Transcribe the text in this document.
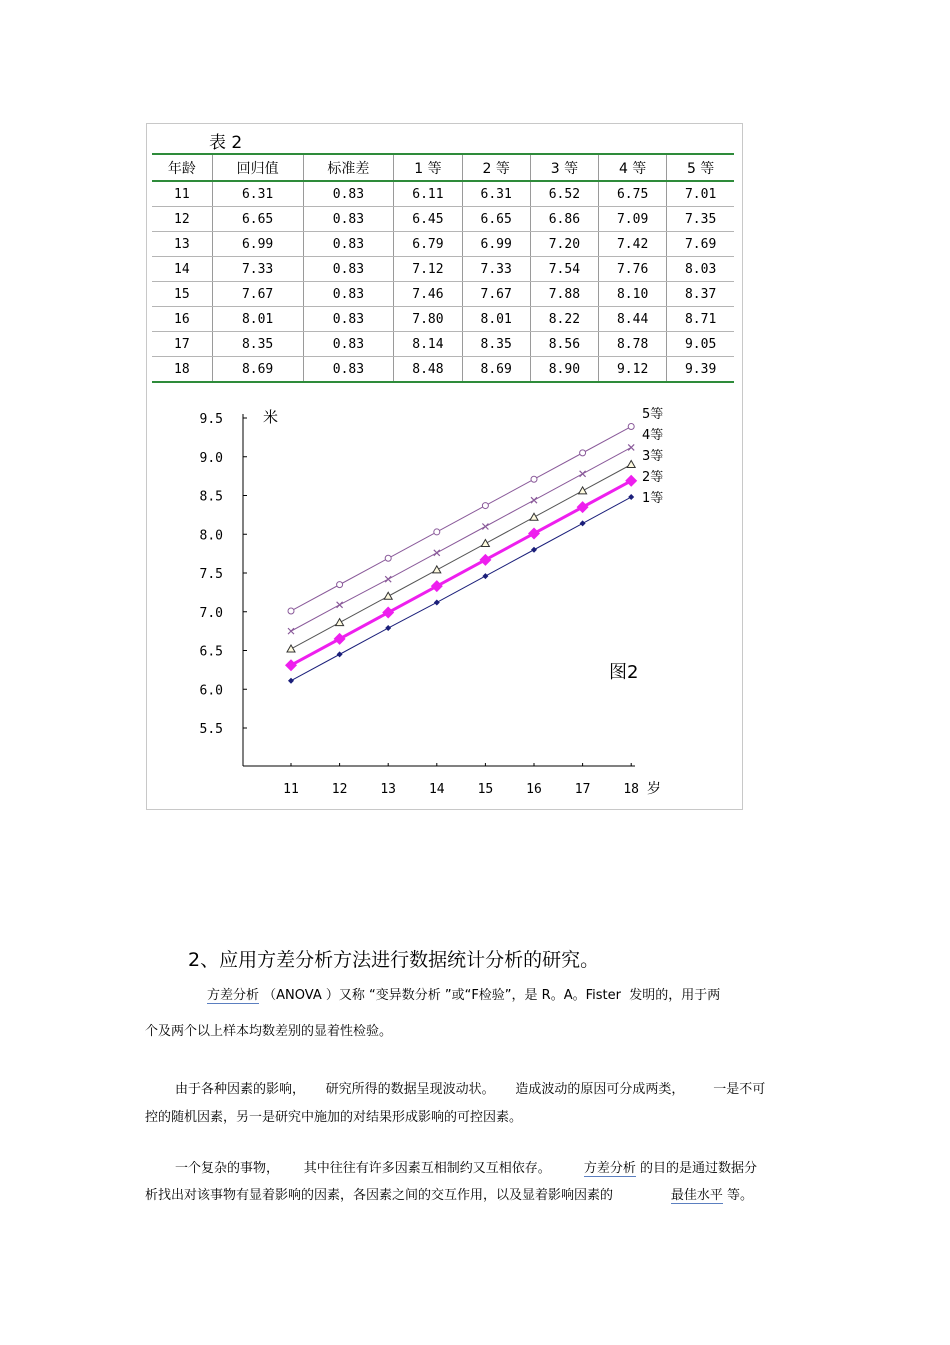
表 2
年龄	回归值	标准差	1 等	2 等	3 等	4 等	5 等
11	6.31	0.83	6.11	6.31	6.52	6.75	7.01
12	6.65	0.83	6.45	6.65	6.86	7.09	7.35
13	6.99	0.83	6.79	6.99	7.20	7.42	7.69
14	7.33	0.83	7.12	7.33	7.54	7.76	8.03
15	7.67	0.83	7.46	7.67	7.88	8.10	8.37
16	8.01	0.83	7.80	8.01	8.22	8.44	8.71
17	8.35	0.83	8.14	8.35	8.56	8.78	9.05
18	8.69	0.83	8.48	8.69	8.90	9.12	9.39
9.5
9.0
8.5
8.0
7.5
7.0
6.5
6.0
5.5
11	12	13	14	15	16	17	18
米
岁
图2
1等
2等
3等
4等
5等
2、应用方差分析方法进行数据统计分析的研究。
方差分析 （ANOVA ）又称 “变异数分析 ”或“F检验”，是 R。A。Fister  发明的，用于两
个及两个以上样本均数差别的显着性检验。
由于各种因素的影响，     研究所得的数据呈现波动状。     造成波动的原因可分成两类，       一是不可
控的随机因素，另一是研究中施加的对结果形成影响的可控因素。
一个复杂的事物，      其中往往有许多因素互相制约又互相依存。	方差分析 的目的是通过数据分
析找出对该事物有显着影响的因素，各因素之间的交互作用，以及显着影响因素的	最佳水平 等。
